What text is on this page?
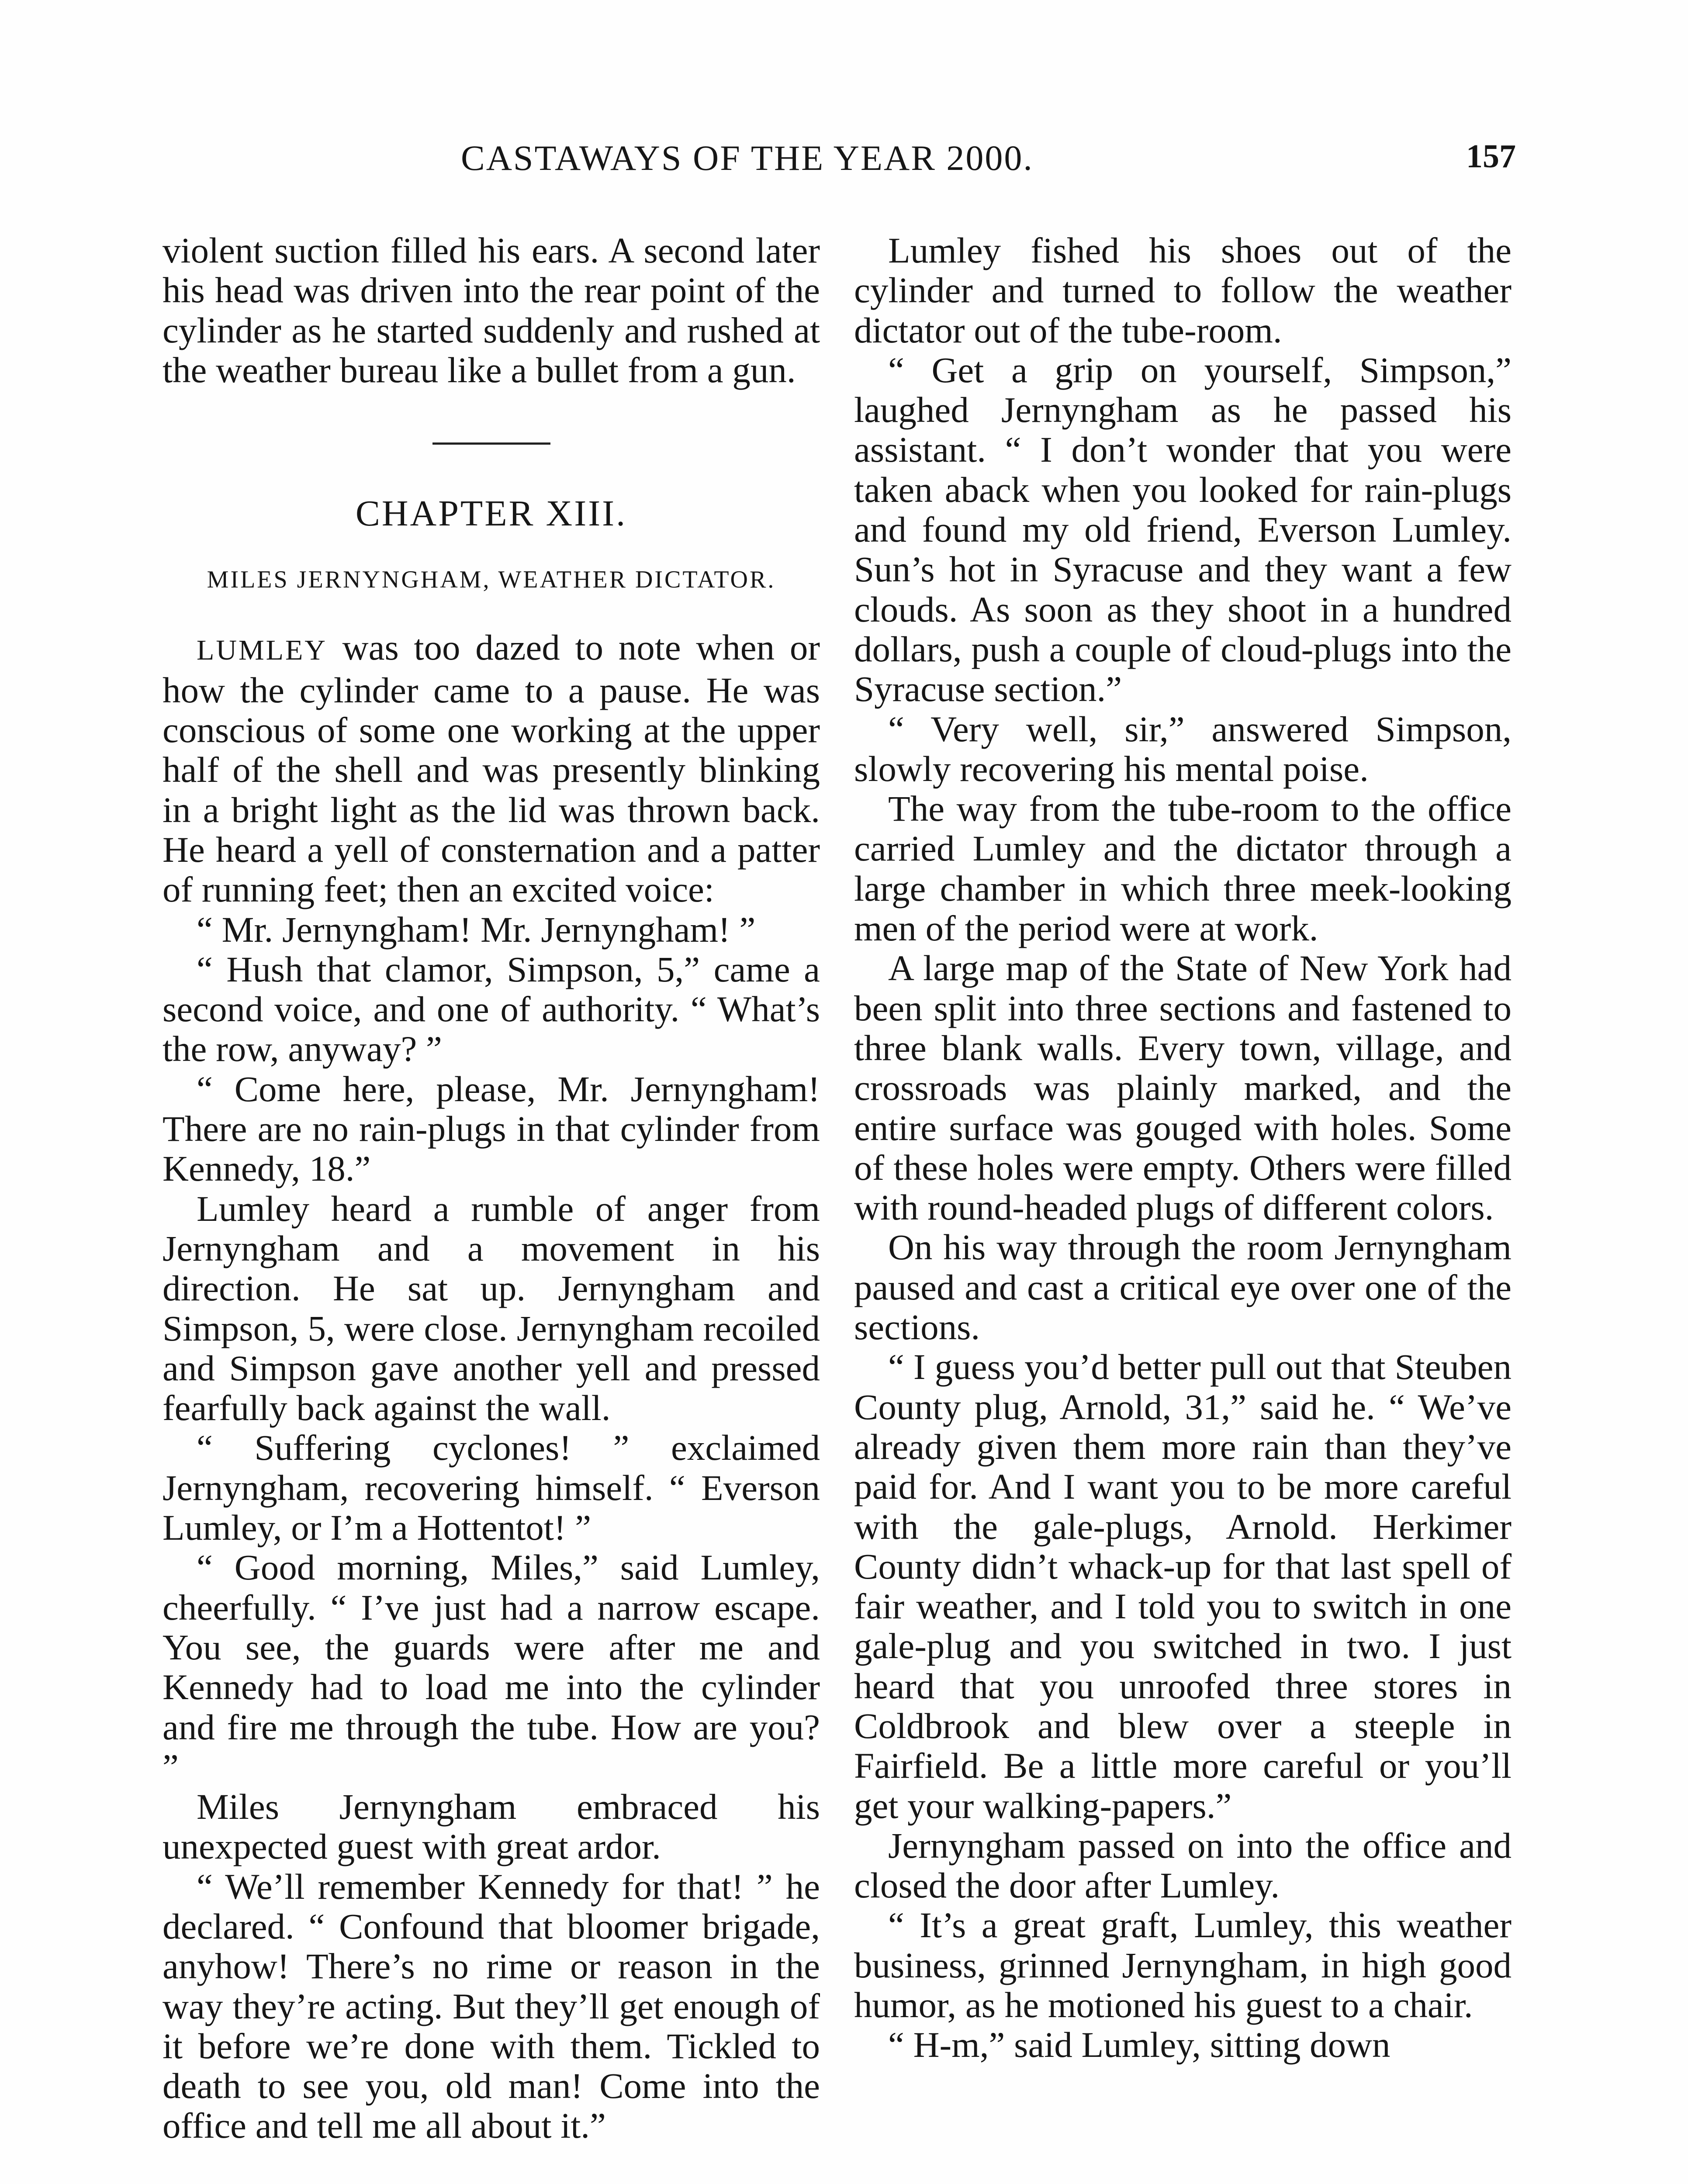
CASTAWAYS OF THE YEAR 2000.	157

violent suction filled his ears. A second later his head was driven into the rear point of the cylinder as he started suddenly and rushed at the weather bureau like a bullet from a gun.

CHAPTER XIII.
MILES JERNYNGHAM, WEATHER DICTATOR.

LUMLEY was too dazed to note when or how the cylinder came to a pause. He was conscious of some one working at the upper half of the shell and was presently blinking in a bright light as the lid was thrown back. He heard a yell of consternation and a patter of running feet; then an excited voice:

“ Mr. Jernyngham! Mr. Jernyngham! ”

“ Hush that clamor, Simpson, 5,” came a second voice, and one of authority. “ What’s the row, anyway? ”

“ Come here, please, Mr. Jernyngham! There are no rain-plugs in that cylinder from Kennedy, 18.”

Lumley heard a rumble of anger from Jernyngham and a movement in his direction. He sat up. Jernyngham and Simpson, 5, were close. Jernyngham recoiled and Simpson gave another yell and pressed fearfully back against the wall.

“ Suffering cyclones! ” exclaimed Jernyngham, recovering himself. “ Everson Lumley, or I’m a Hottentot! ”

“ Good morning, Miles,” said Lumley, cheerfully. “ I’ve just had a narrow escape. You see, the guards were after me and Kennedy had to load me into the cylinder and fire me through the tube. How are you? ”

Miles Jernyngham embraced his unexpected guest with great ardor.

“ We’ll remember Kennedy for that! ” he declared. “ Confound that bloomer brigade, anyhow! There’s no rime or reason in the way they’re acting. But they’ll get enough of it before we’re done with them. Tickled to death to see you, old man! Come into the office and tell me all about it.”

Lumley fished his shoes out of the cylinder and turned to follow the weather dictator out of the tube-room.

“ Get a grip on yourself, Simpson,” laughed Jernyngham as he passed his assistant. “ I don’t wonder that you were taken aback when you looked for rain-plugs and found my old friend, Everson Lumley. Sun’s hot in Syracuse and they want a few clouds. As soon as they shoot in a hundred dollars, push a couple of cloud-plugs into the Syracuse section.”

“ Very well, sir,” answered Simpson, slowly recovering his mental poise.

The way from the tube-room to the office carried Lumley and the dictator through a large chamber in which three meek-looking men of the period were at work.

A large map of the State of New York had been split into three sections and fastened to three blank walls. Every town, village, and crossroads was plainly marked, and the entire surface was gouged with holes. Some of these holes were empty. Others were filled with round-headed plugs of different colors.

On his way through the room Jernyngham paused and cast a critical eye over one of the sections.

“ I guess you’d better pull out that Steuben County plug, Arnold, 31,” said he. “ We’ve already given them more rain than they’ve paid for. And I want you to be more careful with the gale-plugs, Arnold. Herkimer County didn’t whack-up for that last spell of fair weather, and I told you to switch in one gale-plug and you switched in two. I just heard that you unroofed three stores in Coldbrook and blew over a steeple in Fairfield. Be a little more careful or you’ll get your walking-papers.”

Jernyngham passed on into the office and closed the door after Lumley.

“ It’s a great graft, Lumley, this weather business, grinned Jernyngham, in high good humor, as he motioned his guest to a chair.

“ H-m,” said Lumley, sitting down
